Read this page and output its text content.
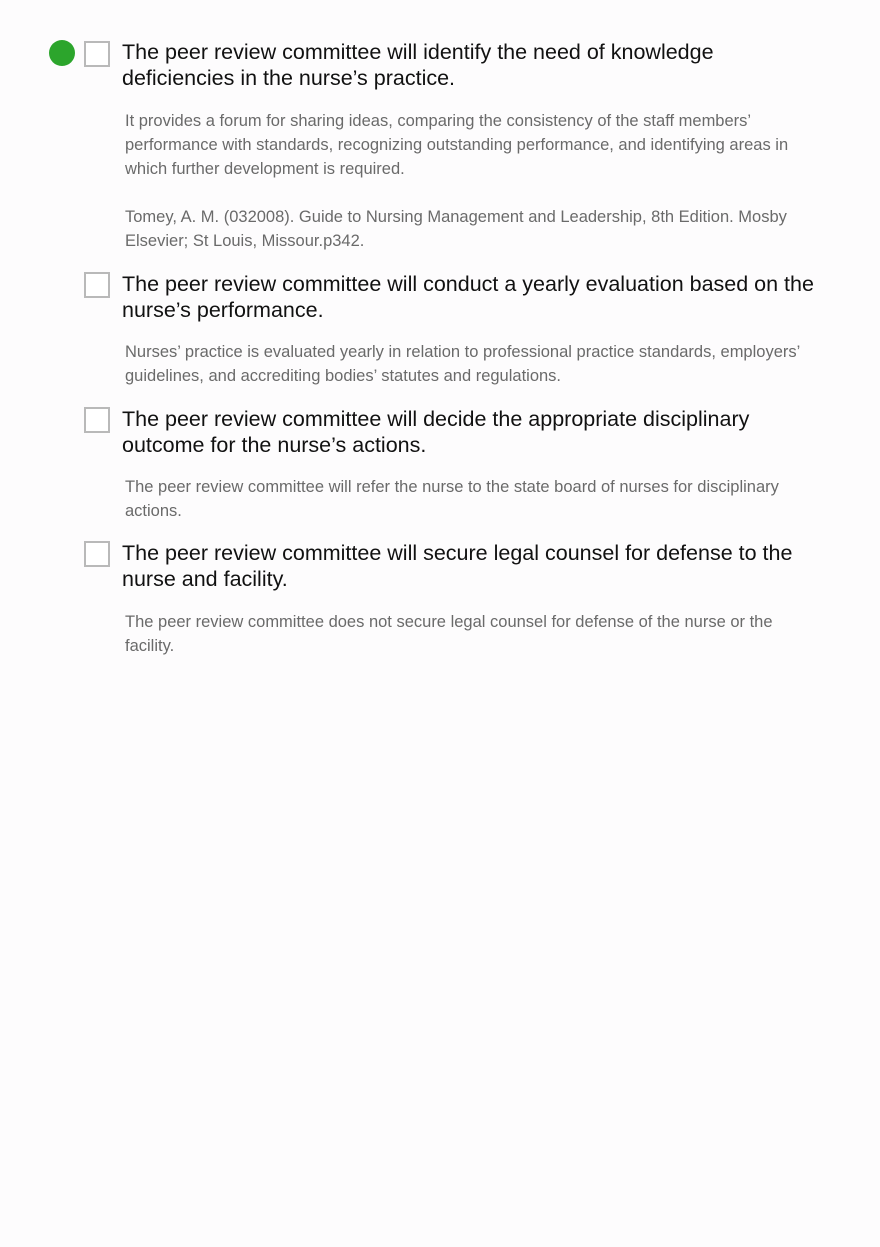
The peer review committee will identify the need of knowledge deficiencies in the nurse’s practice.

It provides a forum for sharing ideas, comparing the consistency of the staff members’ performance with standards, recognizing outstanding performance, and identifying areas in which further development is required.

Tomey, A. M. (032008). Guide to Nursing Management and Leadership, 8th Edition. Mosby Elsevier; St Louis, Missour.p342.

The peer review committee will conduct a yearly evaluation based on the nurse’s performance.

Nurses’ practice is evaluated yearly in relation to professional practice standards, employers’ guidelines, and accrediting bodies’ statutes and regulations.

The peer review committee will decide the appropriate disciplinary outcome for the nurse’s actions.

The peer review committee will refer the nurse to the state board of nurses for disciplinary actions.

The peer review committee will secure legal counsel for defense to the nurse and facility.

The peer review committee does not secure legal counsel for defense of the nurse or the facility.
